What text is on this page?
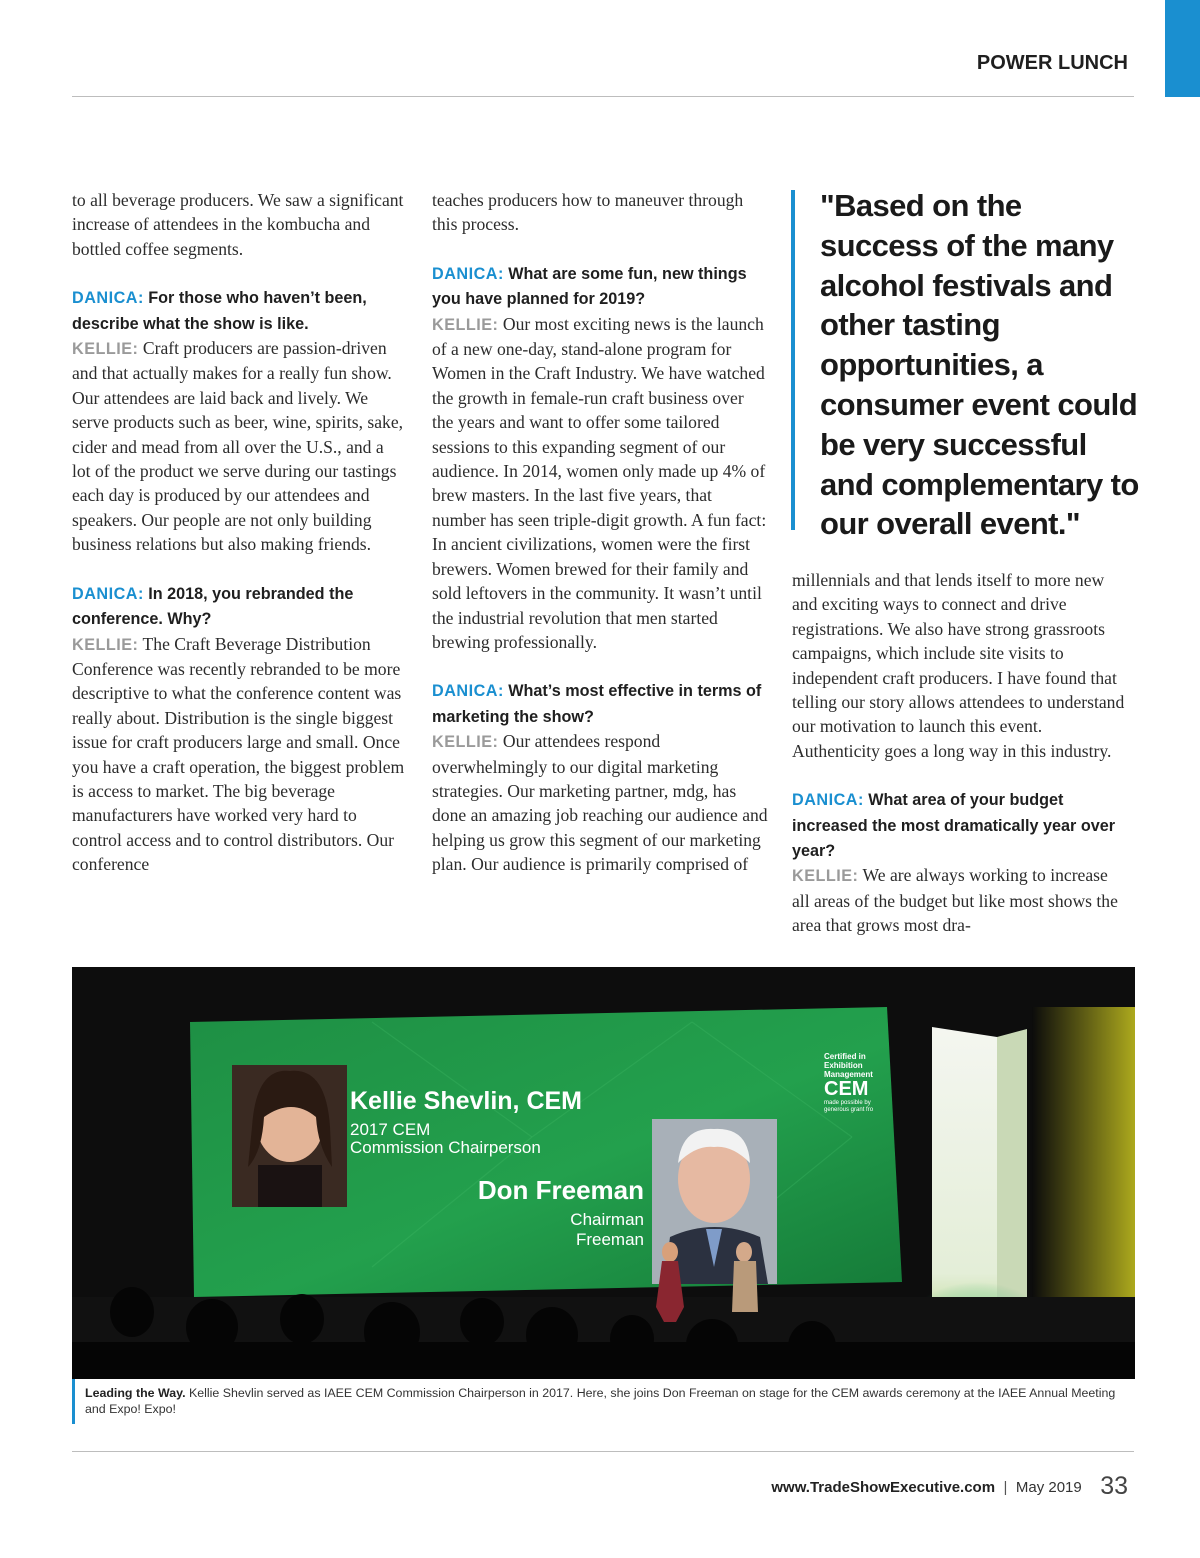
POWER LUNCH

to all beverage producers. We saw a significant increase of attendees in the kombucha and bottled coffee segments.

DANICA: For those who haven’t been, describe what the show is like.

KELLIE: Craft producers are passion-driven and that actually makes for a really fun show. Our attendees are laid back and lively. We serve products such as beer, wine, spirits, sake, cider and mead from all over the U.S., and a lot of the product we serve during our tastings each day is produced by our attendees and speakers. Our people are not only building business relations but also making friends.

DANICA: In 2018, you rebranded the conference. Why?

KELLIE: The Craft Beverage Distribution Conference was recently rebranded to be more descriptive to what the conference content was really about. Distribution is the single biggest issue for craft producers large and small. Once you have a craft operation, the biggest problem is access to market. The big beverage manufacturers have worked very hard to control access and to control distributors. Our conference

teaches producers how to maneuver through this process.

DANICA: What are some fun, new things you have planned for 2019?

KELLIE: Our most exciting news is the launch of a new one-day, stand-alone program for Women in the Craft Industry. We have watched the growth in female-run craft business over the years and want to offer some tailored sessions to this expanding segment of our audience. In 2014, women only made up 4% of brew masters. In the last five years, that number has seen triple-digit growth. A fun fact: In ancient civilizations, women were the first brewers. Women brewed for their family and sold leftovers in the community. It wasn’t until the industrial revolution that men started brewing professionally.

DANICA: What’s most effective in terms of marketing the show?

KELLIE: Our attendees respond overwhelmingly to our digital marketing strategies. Our marketing partner, mdg, has done an amazing job reaching our audience and helping us grow this segment of our marketing plan. Our audience is primarily comprised of

"Based on the success of the many alcohol festivals and other tasting opportunities, a consumer event could be very successful and complementary to our overall event."

millennials and that lends itself to more new and exciting ways to connect and drive registrations. We also have strong grassroots campaigns, which include site visits to independent craft producers. I have found that telling our story allows attendees to understand our motivation to launch this event. Authenticity goes a long way in this industry.

DANICA: What area of your budget increased the most dramatically year over year?
KELLIE: We are always working to increase all areas of the budget but like most shows the area that grows most dra-
Kellie Shevlin, CEM
2017 CEM
Commission Chairperson
Don Freeman
Chairman
Freeman
Certified in
Exhibition
Management
CEM
made possible by
generous grant fro
Leading the Way. Kellie Shevlin served as IAEE CEM Commission Chairperson in 2017. Here, she joins Don Freeman on stage for the CEM awards ceremony at the IAEE Annual Meeting and Expo! Expo!
www.TradeShowExecutive.com | May 2019 33
